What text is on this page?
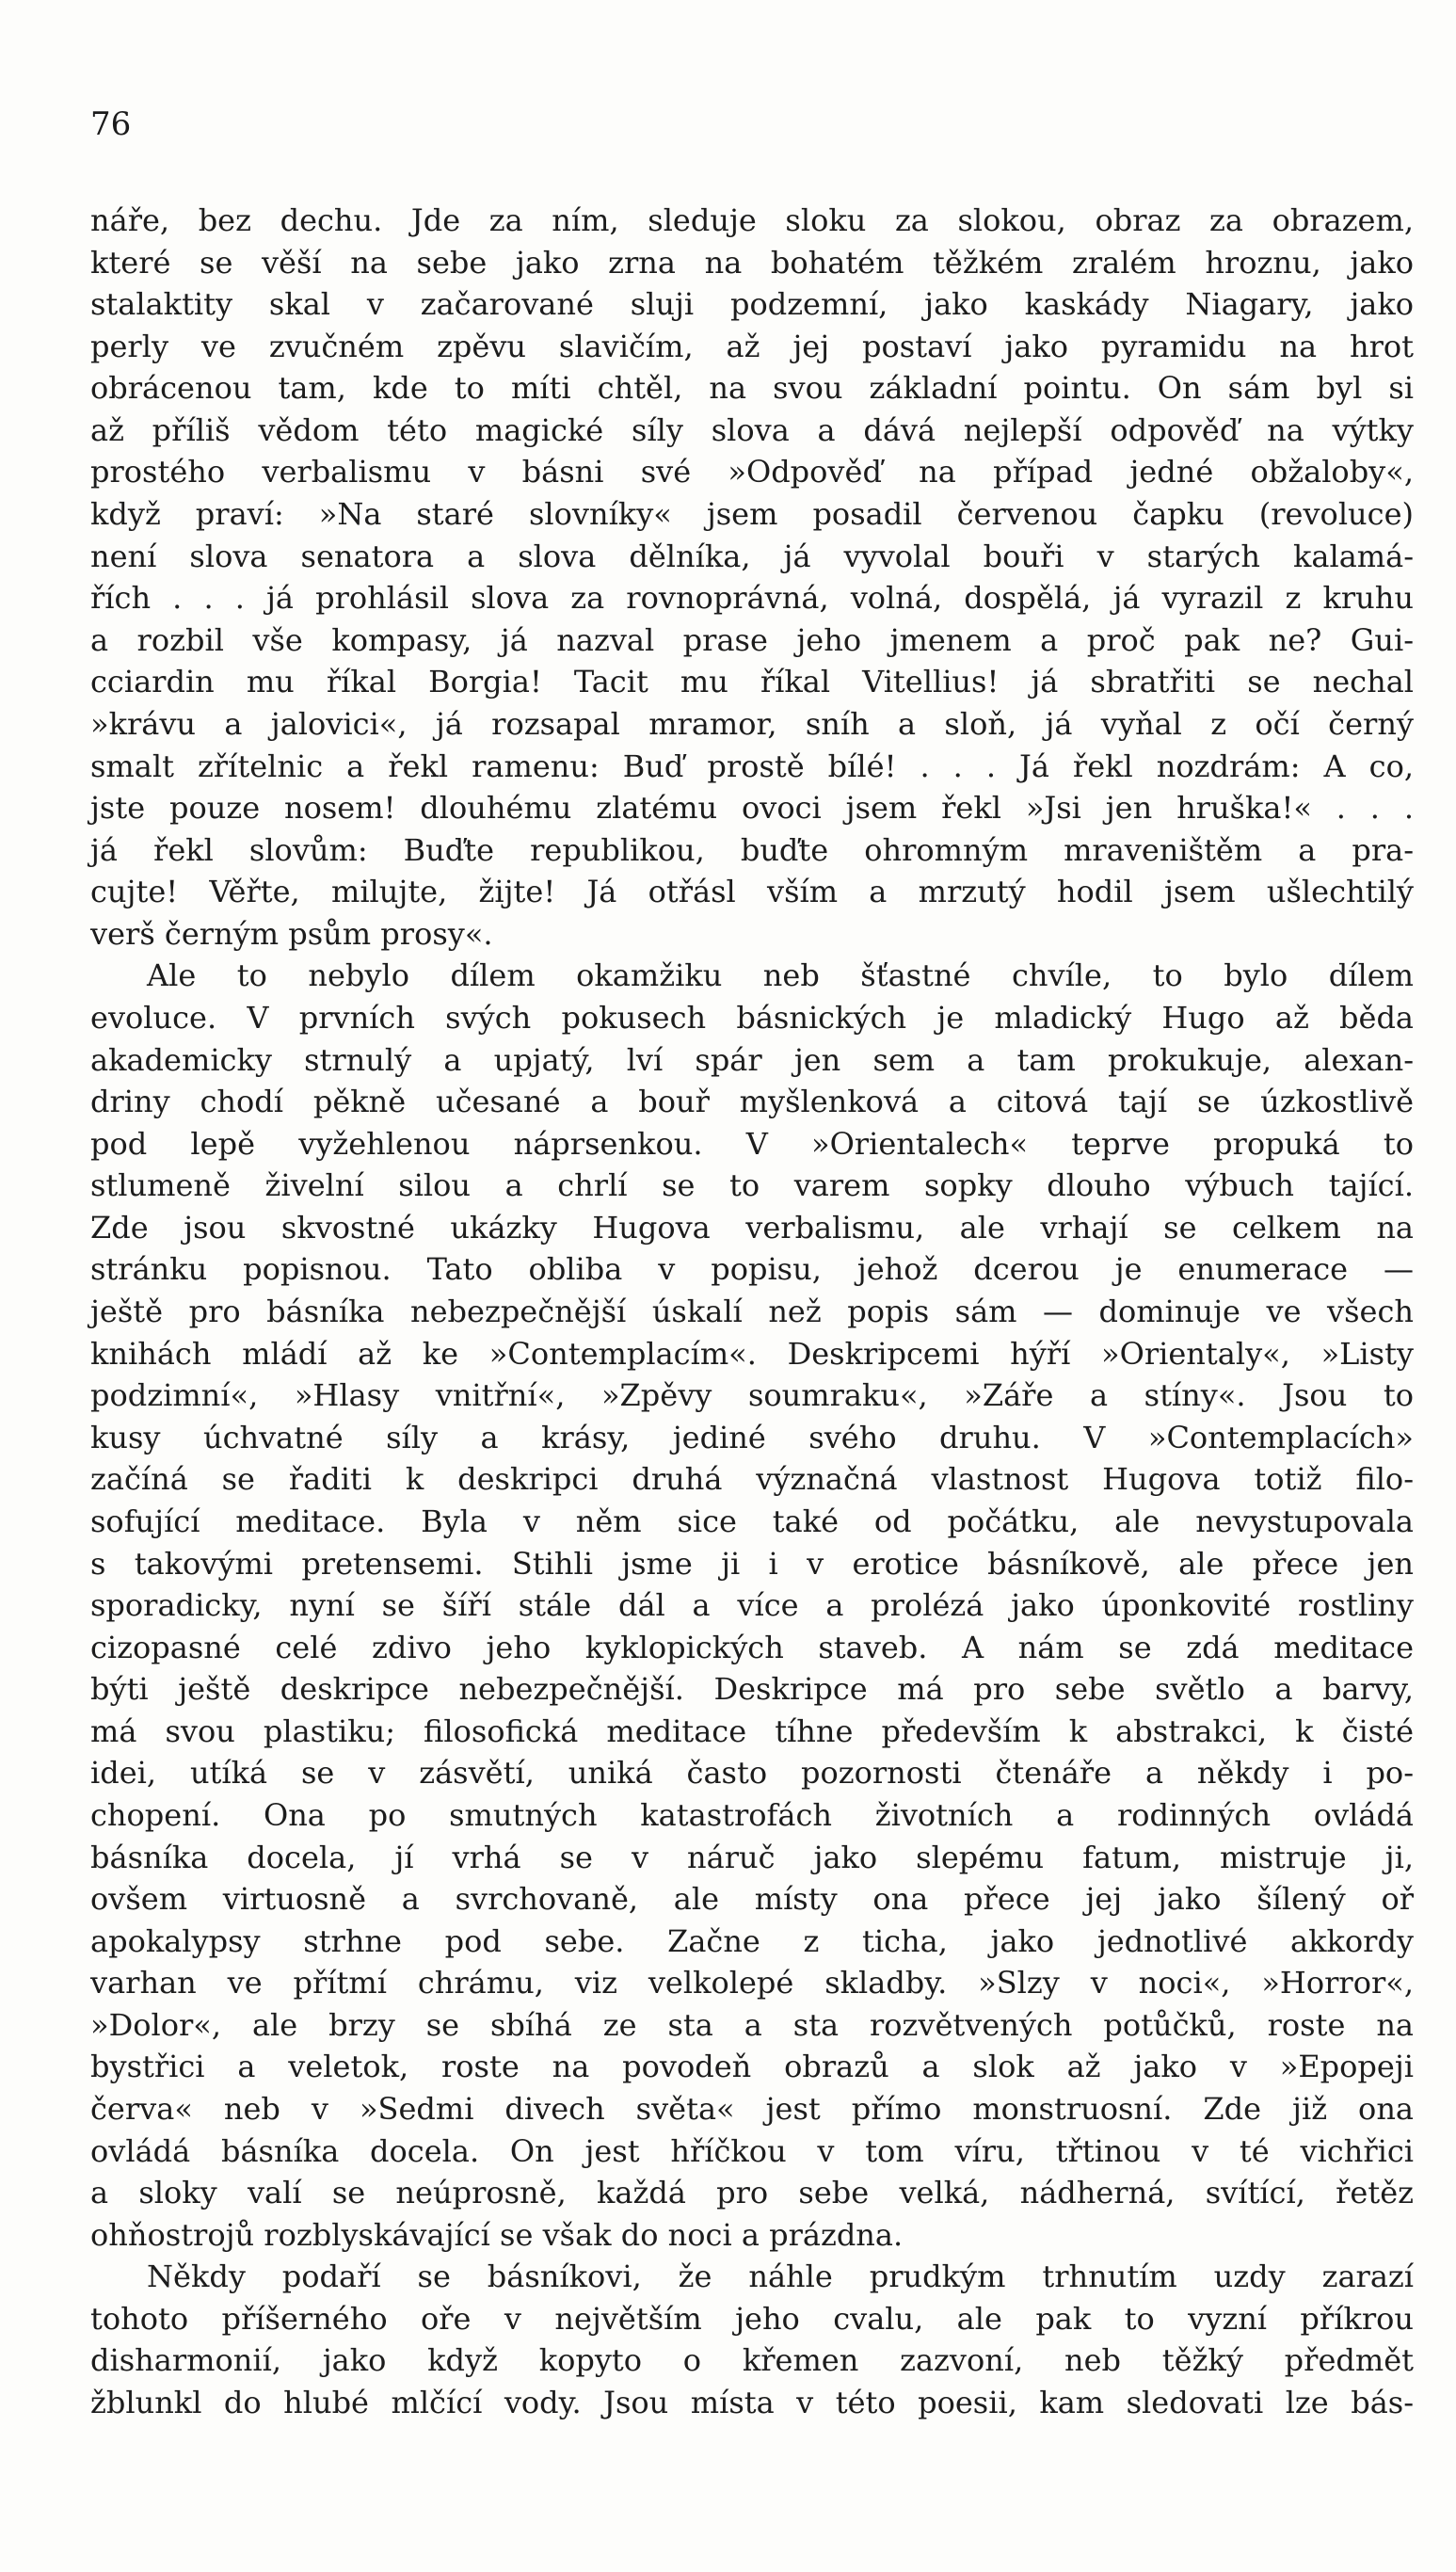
76
nářе, bez dechu. Jde za ním, sleduje sloku za slokou, obraz za obrazem,
které se věší na sebe jako zrna na bohatém těžkém zralém hroznu, jako
stalaktity skal v začarované sluji podzemní, jako kaskády Niagary, jako
perly ve zvučném zpěvu slavičím, až jej postaví jako pyramidu na hrot
obrácenou tam, kde to míti chtěl, na svou základní pointu. On sám byl si
až příliš vědom této magické síly slova a dává nejlepší odpověď na výtky
prostého verbalismu v básni své »Odpověď na případ jedné obžaloby«,
když praví: »Na staré slovníky« jsem posadil červenou čapku (revoluce)
není slova senatora a slova dělníka, já vyvolal bouři v starých kalamá-
řích . . . já prohlásil slova za rovnoprávná, volná, dospělá, já vyrazil z kruhu
a rozbil vše kompasy, já nazval prase jeho jmenem a proč pak ne? Gui-
cciardin mu říkal Borgia! Tacit mu říkal Vitellius! já sbratřiti se nechal
»krávu a jalovici«, já rozsapal mramor, sníh a sloň, já vyňal z očí černý
smalt zřítelnic a řekl ramenu: Buď prostě bílé! . . . Já řekl nozdrám: A co,
jste pouze nosem! dlouhému zlatému ovoci jsem řekl »Jsi jen hruška!« . . .
já řekl slovům: Buďte republikou, buďte ohromným mraveništěm a pra-
cujte! Věřte, milujte, žijte! Já otřásl vším a mrzutý hodil jsem ušlechtilý
verš černým psům prosy«.
Ale to nebylo dílem okamžiku neb šťastné chvíle, to bylo dílem
evoluce. V prvních svých pokusech básnických je mladický Hugo až běda
akademicky strnulý a upjatý, lví spár jen sem a tam prokukuje, alexan-
driny chodí pěkně učesané a bouř myšlenková a citová tají se úzkostlivě
pod lepě vyžehlenou náprsenkou. V »Orientalech« teprve propuká to
stlumeně živelní silou a chrlí se to varem sopky dlouho výbuch tající.
Zde jsou skvostné ukázky Hugova verbalismu, ale vrhají se celkem na
stránku popisnou. Tato obliba v popisu, jehož dcerou je enumerace —
ještě pro básníka nebezpečnější úskalí než popis sám — dominuje ve všech
knihách mládí až ke »Contemplacím«. Deskripcemi hýří »Orientaly«, »Listy
podzimní«, »Hlasy vnitřní«, »Zpěvy soumraku«, »Záře a stíny«. Jsou to
kusy úchvatné síly a krásy, jediné svého druhu. V »Contemplacích»
začíná se řaditi k deskripci druhá význačná vlastnost Hugova totiž filo-
sofující meditace. Byla v něm sice také od počátku, ale nevystupovala
s takovými pretensemi. Stihli jsme ji i v erotice básníkově, ale přece jen
sporadicky, nyní se šíří stále dál a více a prolézá jako úponkovité rostliny
cizopasné celé zdivo jeho kyklopických staveb. A nám se zdá meditace
býti ještě deskripce nebezpečnější. Deskripce má pro sebe světlo a barvy,
má svou plastiku; filosofická meditace tíhne především k abstrakci, k čisté
idei, utíká se v zásvětí, uniká často pozornosti čtenáře a někdy i po-
chopení. Ona po smutných katastrofách životních a rodinných ovládá
básníka docela, jí vrhá se v náruč jako slepému fatum, mistruje ji,
ovšem virtuosně a svrchovaně, ale místy ona přece jej jako šílený oř
apokalypsy strhne pod sebe. Začne z ticha, jako jednotlivé akkordy
varhan ve přítmí chrámu, viz velkolepé skladby. »Slzy v noci«, »Horror«,
»Dolor«, ale brzy se sbíhá ze sta a sta rozvětvených potůčků, roste na
bystřici a veletok, roste na povodeň obrazů a slok až jako v »Epopeji
červa« neb v »Sedmi divech světa« jest přímo monstruosní. Zde již ona
ovládá básníka docela. On jest hříčkou v tom víru, třtinou v té vichřici
a sloky valí se neúprosně, každá pro sebe velká, nádherná, svítící, řetěz
ohňostrojů rozblyskávající se však do noci a prázdna.
Někdy podaří se básníkovi, že náhle prudkým trhnutím uzdy zarazí
tohoto příšerného oře v největším jeho cvalu, ale pak to vyzní příkrou
disharmonií, jako když kopyto o křemen zazvoní, neb těžký předmět
žblunkl do hlubé mlčící vody. Jsou místa v této poesii, kam sledovati lze bás-
